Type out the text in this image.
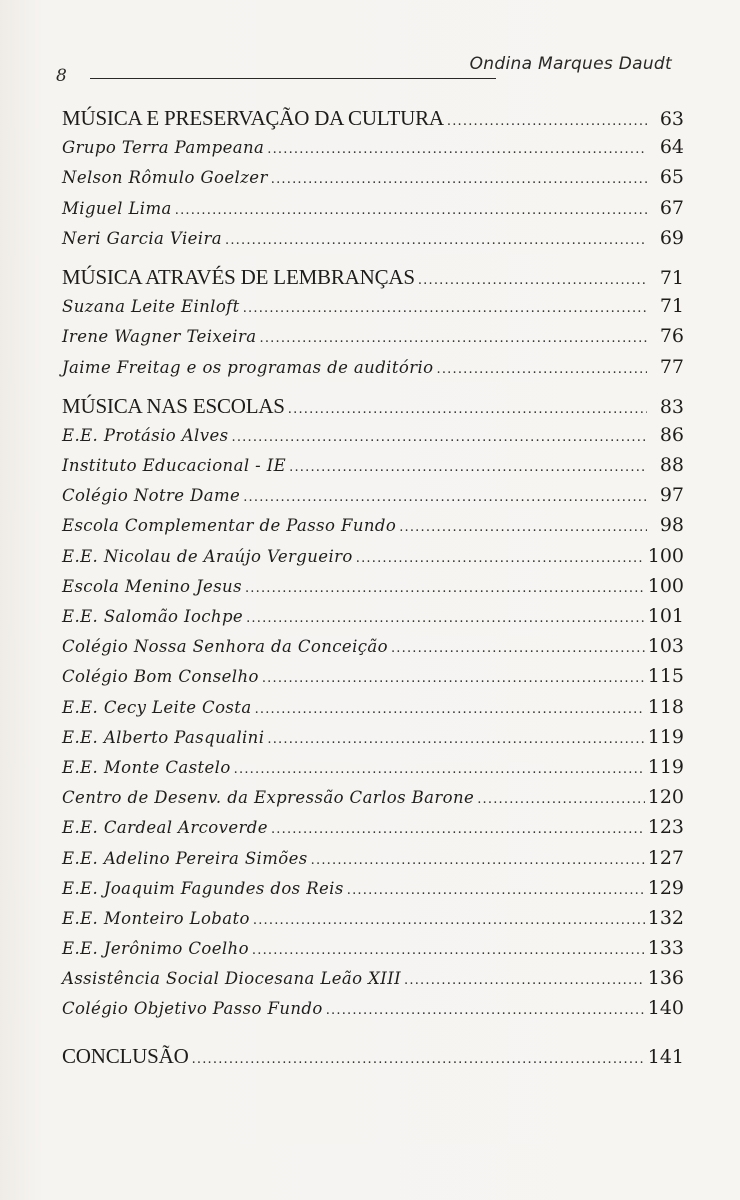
8
Ondina Marques Daudt
MÚSICA E PRESERVAÇÃO DA CULTURA .....	63
Grupo Terra Pampeana .....	64
Nelson Rômulo Goelzer .....	65
Miguel Lima .....	67
Neri Garcia Vieira .....	69
MÚSICA ATRAVÉS DE LEMBRANÇAS .....	71
Suzana Leite Einloft .....	71
Irene Wagner Teixeira .....	76
Jaime Freitag e os programas de auditório .....	77
MÚSICA NAS ESCOLAS .....	83
E.E. Protásio Alves .....	86
Instituto Educacional - IE .....	88
Colégio Notre Dame .....	97
Escola Complementar de Passo Fundo .....	98
E.E. Nicolau de Araújo Vergueiro .....	100
Escola Menino Jesus .....	100
E.E. Salomão Iochpe .....	101
Colégio Nossa Senhora da Conceição .....	103
Colégio Bom Conselho .....	115
E.E. Cecy Leite Costa .....	118
E.E. Alberto Pasqualini .....	119
E.E. Monte Castelo .....	119
Centro de Desenv. da Expressão Carlos Barone .....	120
E.E. Cardeal Arcoverde .....	123
E.E. Adelino Pereira Simões .....	127
E.E. Joaquim Fagundes dos Reis .....	129
E.E. Monteiro Lobato .....	132
E.E. Jerônimo Coelho .....	133
Assistência Social Diocesana Leão XIII .....	136
Colégio Objetivo Passo Fundo .....	140
CONCLUSÃO .....	141
